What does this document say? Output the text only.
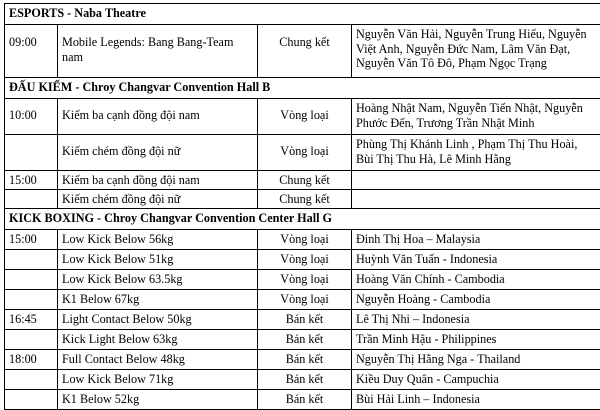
ESPORTS - Naba Theatre			
09:00	Mobile Legends: Bang Bang-Team nam	Chung kết	Nguyễn Văn Hải, Nguyễn Trung Hiếu, Nguyễn Việt Anh, Nguyễn Đức Nam, Lâm Văn Đạt, Nguyễn Văn Tô Đô, Phạm Ngọc Trạng
ĐẤU KIẾM - Chroy Changvar Convention Hall B			
10:00	Kiếm ba cạnh đồng đội nam	Vòng loại	Hoàng Nhật Nam, Nguyễn Tiến Nhật, Nguyễn Phước Đến, Trương Trần Nhật Minh
	Kiếm chém đồng đội nữ	Vòng loại	Phùng Thị Khánh Linh , Phạm Thị Thu Hoài, Bùi Thị Thu Hà, Lê Minh Hằng
15:00	Kiếm ba cạnh đồng đội nam	Chung kết	
	Kiếm chém đồng đội nữ	Chung kết	
KICK BOXING - Chroy Changvar Convention Center Hall G			
15:00	Low Kick Below 56kg	Vòng loại	Đinh Thị Hoa – Malaysia
	Low Kick Below 51kg	Vòng loại	Huỳnh Văn Tuấn - Indonesia
	Low Kick Below 63.5kg	Vòng loại	Hoàng Văn Chính - Cambodia
	K1 Below 67kg	Vòng loại	Nguyễn Hoàng - Cambodia
16:45	Light Contact Below 50kg	Bán kết	Lê Thị Nhi – Indonesia
	Kick Light Below 63kg	Bán kết	Trần Minh Hậu - Philippines
18:00	Full Contact Below 48kg	Bán kết	Nguyễn Thị Hằng Nga - Thailand
	Low Kick Below 71kg	Bán kết	Kiều Duy Quân - Campuchia
	K1 Below 52kg	Bán kết	Bùi Hải Linh – Indonesia
